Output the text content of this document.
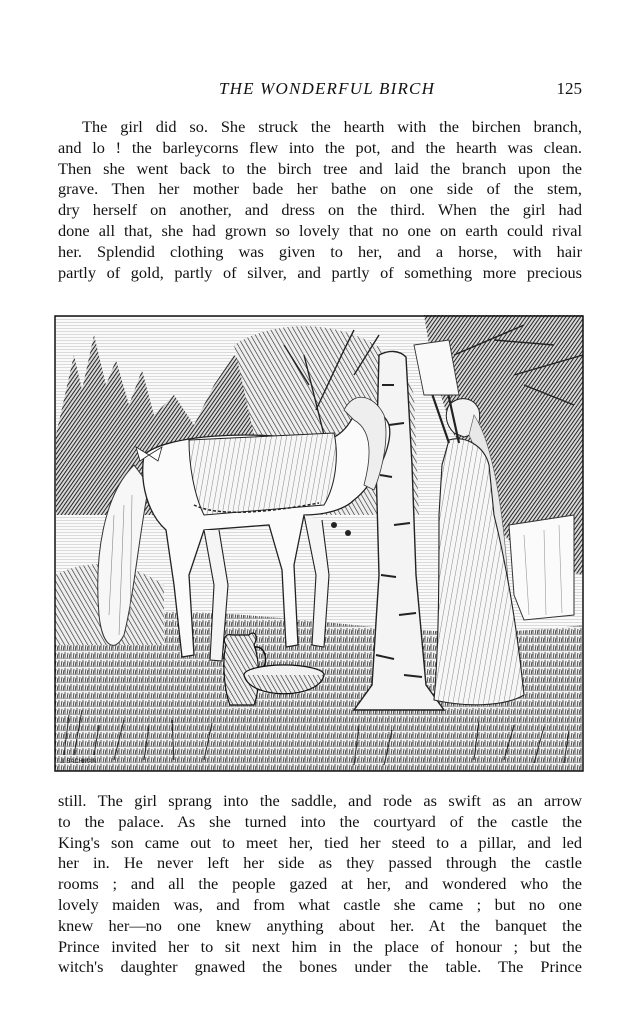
THE WONDERFUL BIRCH	125
The girl did so. She struck the hearth with the birchen branch,
and lo ! the barleycorns flew into the pot, and the hearth was clean.
Then she went back to the birch tree and laid the branch upon the
grave. Then her mother bade her bathe on one side of the stem,
dry herself on another, and dress on the third. When the girl had
done all that, she had grown so lovely that no one on earth could rival
her. Splendid clothing was given to her, and a horse, with hair
partly of gold, partly of silver, and partly of something more precious
J. BACHMAN
still. The girl sprang into the saddle, and rode as swift as an arrow
to the palace. As she turned into the courtyard of the castle the
King's son came out to meet her, tied her steed to a pillar, and led
her in. He never left her side as they passed through the castle
rooms ; and all the people gazed at her, and wondered who the
lovely maiden was, and from what castle she came ; but no one
knew her—no one knew anything about her. At the banquet the
Prince invited her to sit next him in the place of honour ; but the
witch's daughter gnawed the bones under the table. The Prince
